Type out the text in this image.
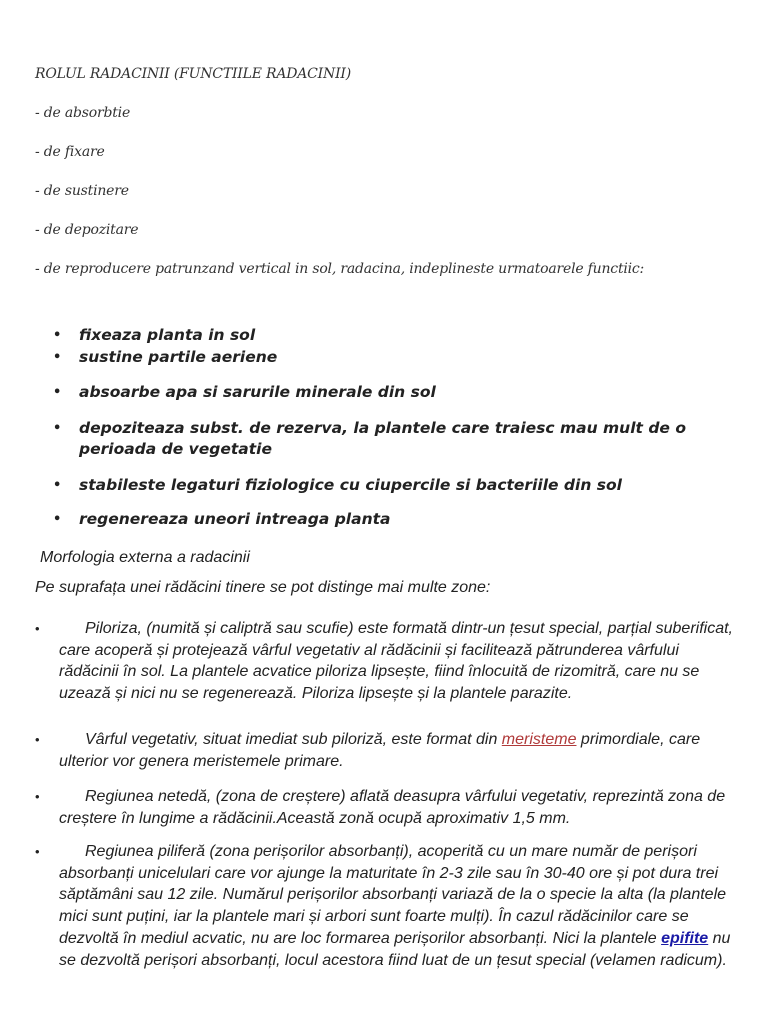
ROLUL RADACINII (FUNCTIILE RADACINII)
- de absorbtie
- de fixare
- de sustinere
- de depozitare
- de reproducere patrunzand vertical in sol, radacina, indeplineste urmatoarele functiic:
• fixeaza planta in sol
• sustine partile aeriene
• absoarbe apa si sarurile minerale din sol
• depoziteaza subst. de rezerva, la plantele care traiesc mau mult de o perioada de vegetatie
• stabileste legaturi fiziologice cu ciupercile si bacteriile din sol
• regenereaza uneori intreaga planta
Morfologia externa a radacinii
Pe suprafața unei rădăcini tinere se pot distinge mai multe zone:
•	Piloriza, (numită și caliptră sau scufie) este formată dintr-un țesut special, parțial suberificat, care acoperă și protejează vârful vegetativ al rădăcinii și facilitează pătrunderea vârfului rădăcinii în sol. La plantele acvatice piloriza lipsește, fiind înlocuită de rizomitră, care nu se uzează și nici nu se regenerează. Piloriza lipsește și la plantele parazite.
•	Vârful vegetativ, situat imediat sub piloriză, este format din meristeme primordiale, care ulterior vor genera meristemele primare.
•	Regiunea netedă, (zona de creștere) aflată deasupra vârfului vegetativ, reprezintă zona de creștere în lungime a rădăcinii.Această zonă ocupă aproximativ 1,5 mm.
•	Regiunea piliferă (zona perișorilor absorbanți), acoperită cu un mare număr de perișori absorbanți unicelulari care vor ajunge la maturitate în 2-3 zile sau în 30-40 ore și pot dura trei săptămâni sau 12 zile. Numărul perișorilor absorbanți variază de la o specie la alta (la plantele mici sunt puțini, iar la plantele mari și arbori sunt foarte mulți). În cazul rădăcinilor care se dezvoltă în mediul acvatic, nu are loc formarea perișorilor absorbanți. Nici la plantele epifite nu se dezvoltă perișori absorbanți, locul acestora fiind luat de un țesut special (velamen radicum).
